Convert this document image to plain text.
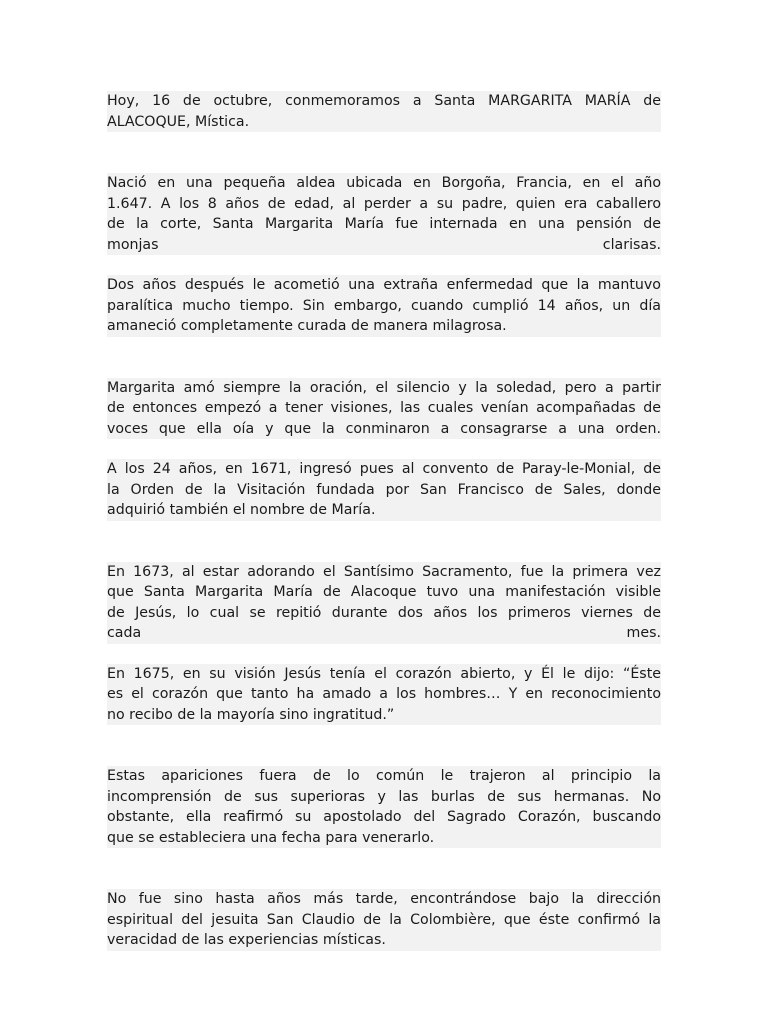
Hoy, 16 de octubre, conmemoramos a Santa MARGARITA MARÍA de
ALACOQUE, Mística.

Nació en una pequeña aldea ubicada en Borgoña, Francia, en el año
1.647. A los 8 años de edad, al perder a su padre, quien era caballero
de la corte, Santa Margarita María fue internada en una pensión de
monjas clarisas.

Dos años después le acometió una extraña enfermedad que la mantuvo
paralítica mucho tiempo. Sin embargo, cuando cumplió 14 años, un día
amaneció completamente curada de manera milagrosa.

Margarita amó siempre la oración, el silencio y la soledad, pero a partir
de entonces empezó a tener visiones, las cuales venían acompañadas de
voces que ella oía y que la conminaron a consagrarse a una orden.

A los 24 años, en 1671, ingresó pues al convento de Paray-le-Monial, de
la Orden de la Visitación fundada por San Francisco de Sales, donde
adquirió también el nombre de María.

En 1673, al estar adorando el Santísimo Sacramento, fue la primera vez
que Santa Margarita María de Alacoque tuvo una manifestación visible
de Jesús, lo cual se repitió durante dos años los primeros viernes de
cada mes.

En 1675, en su visión Jesús tenía el corazón abierto, y Él le dijo: “Éste
es el corazón que tanto ha amado a los hombres… Y en reconocimiento
no recibo de la mayoría sino ingratitud.”

Estas apariciones fuera de lo común le trajeron al principio la
incomprensión de sus superioras y las burlas de sus hermanas. No
obstante, ella reafirmó su apostolado del Sagrado Corazón, buscando
que se estableciera una fecha para venerarlo.

No fue sino hasta años más tarde, encontrándose bajo la dirección
espiritual del jesuita San Claudio de la Colombière, que éste confirmó la
veracidad de las experiencias místicas.
